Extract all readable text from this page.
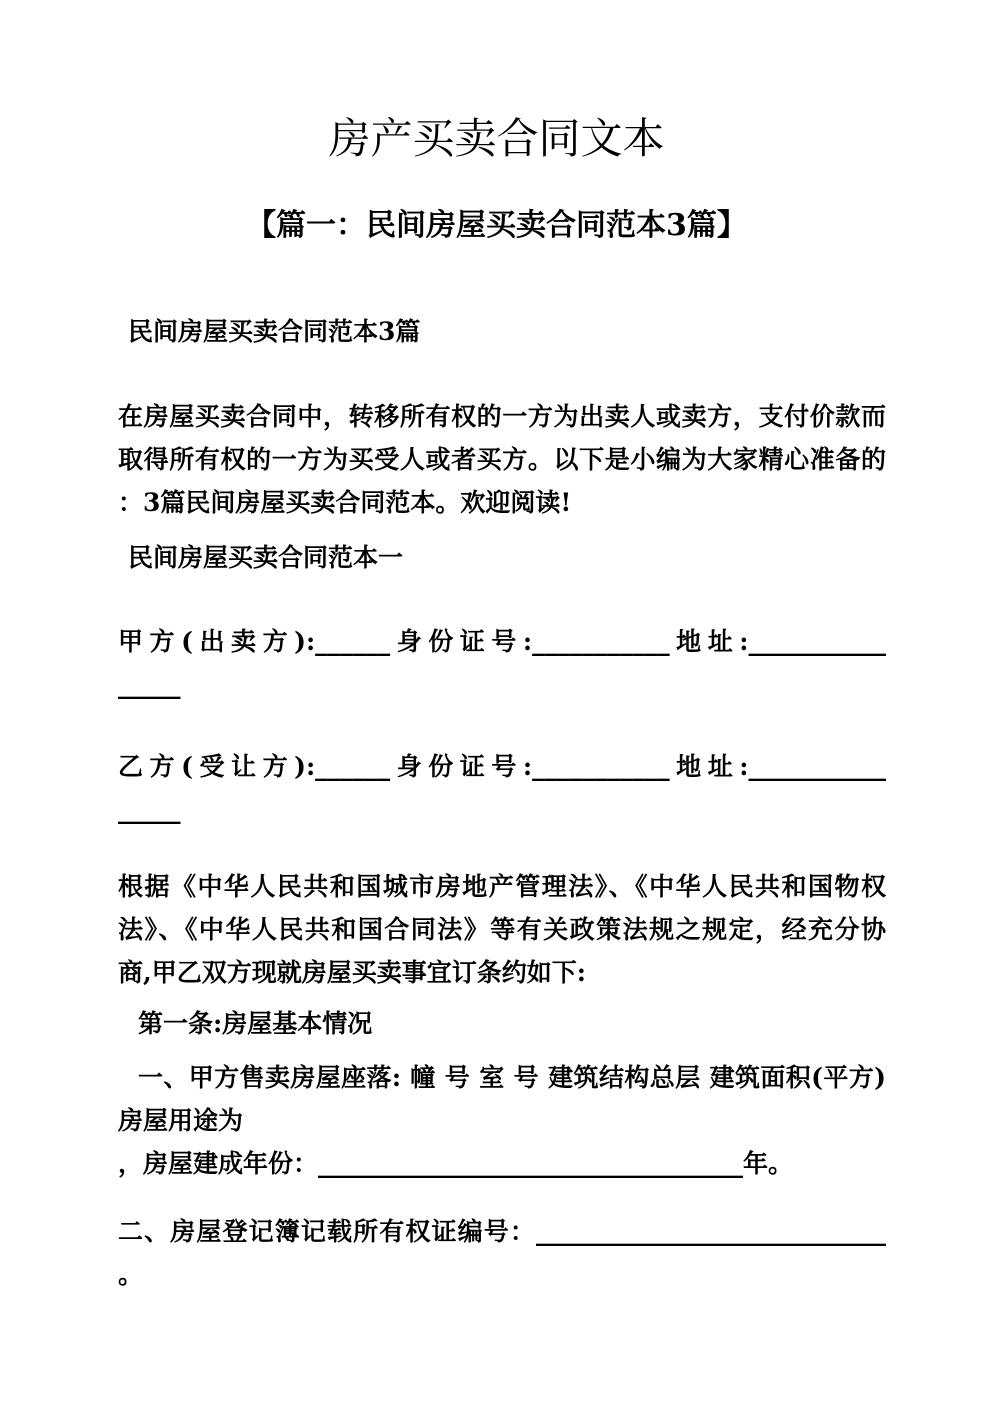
房产买卖合同文本
【篇一：民间房屋买卖合同范本3篇】
民间房屋买卖合同范本3篇
在房屋买卖合同中，转移所有权的一方为出卖人或卖方，支付价款而
取得所有权的一方为买受人或者买方。以下是小编为大家精心准备的
：3篇民间房屋买卖合同范本。欢迎阅读!
民间房屋买卖合同范本一
甲方(出卖方):______身份证号:___________地址:___________
_____
乙方(受让方):______身份证号:___________地址:___________
_____
根据《中华人民共和国城市房地产管理法》、《中华人民共和国物权
法》、《中华人民共和国合同法》等有关政策法规之规定，经充分协
商,甲乙双方现就房屋买卖事宜订条约如下:
第一条:房屋基本情况
一、甲方售卖房屋座落: 幢 号 室 号 建筑结构总层 建筑面积(平方)
房屋用途为
，房屋建成年份：__________________________________年。
二、房屋登记簿记载所有权证编号：____________________________
。
